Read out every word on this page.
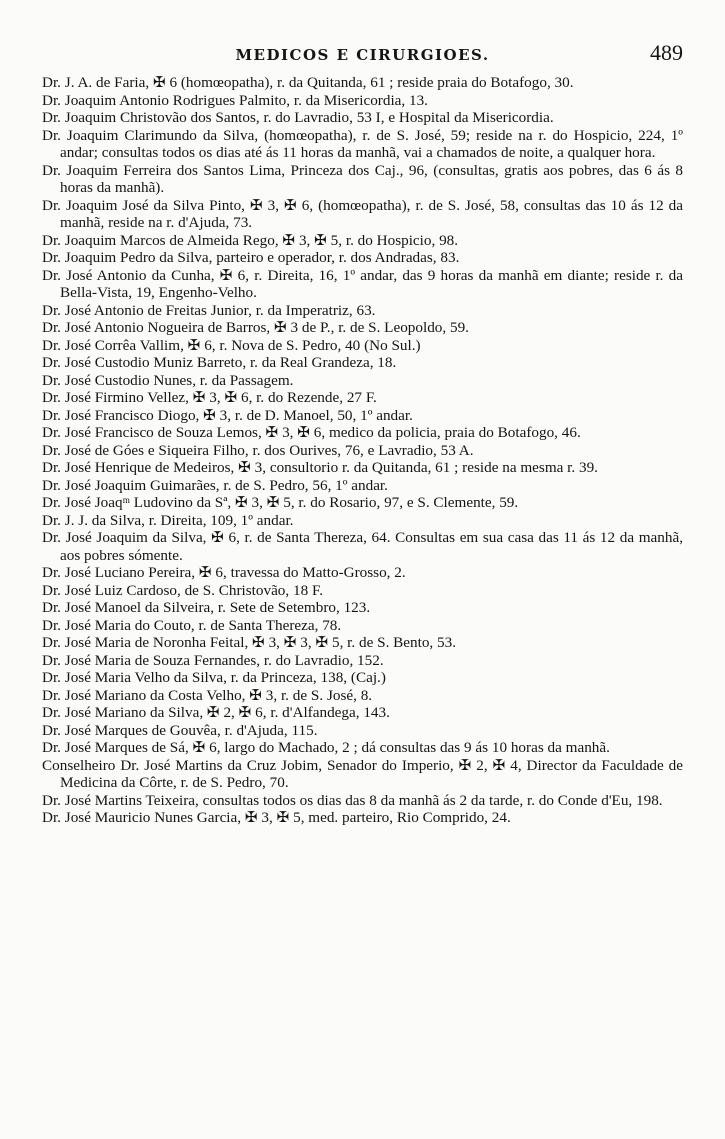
MEDICOS E CIRURGIOES.	489
Dr. J. A. de Faria, ✠ 6 (homœopatha), r. da Quitanda, 61 ; reside praia do Botafogo, 30.
Dr. Joaquim Antonio Rodrigues Palmito, r. da Misericordia, 13.
Dr. Joaquim Christovão dos Santos, r. do Lavradio, 53 I, e Hospital da Misericordia.
Dr. Joaquim Clarimundo da Silva, (homœopatha), r. de S. José, 59; reside na r. do Hospicio, 224, 1º andar; consultas todos os dias até ás 11 horas da manhã, vai a chamados de noite, a qualquer hora.
Dr. Joaquim Ferreira dos Santos Lima, Princeza dos Caj., 96, (consultas, gratis aos pobres, das 6 ás 8 horas da manhã).
Dr. Joaquim José da Silva Pinto, ✠ 3, ✠ 6, (homœopatha), r. de S. José, 58, consultas das 10 ás 12 da manhã, reside na r. d'Ajuda, 73.
Dr. Joaquim Marcos de Almeida Rego, ✠ 3, ✠ 5, r. do Hospicio, 98.
Dr. Joaquim Pedro da Silva, parteiro e operador, r. dos Andradas, 83.
Dr. José Antonio da Cunha, ✠ 6, r. Direita, 16, 1º andar, das 9 horas da manhã em diante; reside r. da Bella-Vista, 19, Engenho-Velho.
Dr. José Antonio de Freitas Junior, r. da Imperatriz, 63.
Dr. José Antonio Nogueira de Barros, ✠ 3 de P., r. de S. Leopoldo, 59.
Dr. José Corrêa Vallim, ✠ 6, r. Nova de S. Pedro, 40 (No Sul.)
Dr. José Custodio Muniz Barreto, r. da Real Grandeza, 18.
Dr. José Custodio Nunes, r. da Passagem.
Dr. José Firmino Vellez, ✠ 3, ✠ 6, r. do Rezende, 27 F.
Dr. José Francisco Diogo, ✠ 3, r. de D. Manoel, 50, 1º andar.
Dr. José Francisco de Souza Lemos, ✠ 3, ✠ 6, medico da policia, praia do Botafogo, 46.
Dr. José de Góes e Siqueira Filho, r. dos Ourives, 76, e Lavradio, 53 A.
Dr. José Henrique de Medeiros, ✠ 3, consultorio r. da Quitanda, 61 ; reside na mesma r. 39.
Dr. José Joaquim Guimarães, r. de S. Pedro, 56, 1º andar.
Dr. José Joaqᵐ Ludovino da Sª, ✠ 3, ✠ 5, r. do Rosario, 97, e S. Clemente, 59.
Dr. J. J. da Silva, r. Direita, 109, 1º andar.
Dr. José Joaquim da Silva, ✠ 6, r. de Santa Thereza, 64. Consultas em sua casa das 11 ás 12 da manhã, aos pobres sómente.
Dr. José Luciano Pereira, ✠ 6, travessa do Matto-Grosso, 2.
Dr. José Luiz Cardoso, de S. Christovão, 18 F.
Dr. José Manoel da Silveira, r. Sete de Setembro, 123.
Dr. José Maria do Couto, r. de Santa Thereza, 78.
Dr. José Maria de Noronha Feital, ✠ 3, ✠ 3, ✠ 5, r. de S. Bento, 53.
Dr. José Maria de Souza Fernandes, r. do Lavradio, 152.
Dr. José Maria Velho da Silva, r. da Princeza, 138, (Caj.)
Dr. José Mariano da Costa Velho, ✠ 3, r. de S. José, 8.
Dr. José Mariano da Silva, ✠ 2, ✠ 6, r. d'Alfandega, 143.
Dr. José Marques de Gouvêa, r. d'Ajuda, 115.
Dr. José Marques de Sá, ✠ 6, largo do Machado, 2 ; dá consultas das 9 ás 10 horas da manhã.
Conselheiro Dr. José Martins da Cruz Jobim, Senador do Imperio, ✠ 2, ✠ 4, Director da Faculdade de Medicina da Côrte, r. de S. Pedro, 70.
Dr. José Martins Teixeira, consultas todos os dias das 8 da manhã ás 2 da tarde, r. do Conde d'Eu, 198.
Dr. José Mauricio Nunes Garcia, ✠ 3, ✠ 5, med. parteiro, Rio Comprido, 24.
